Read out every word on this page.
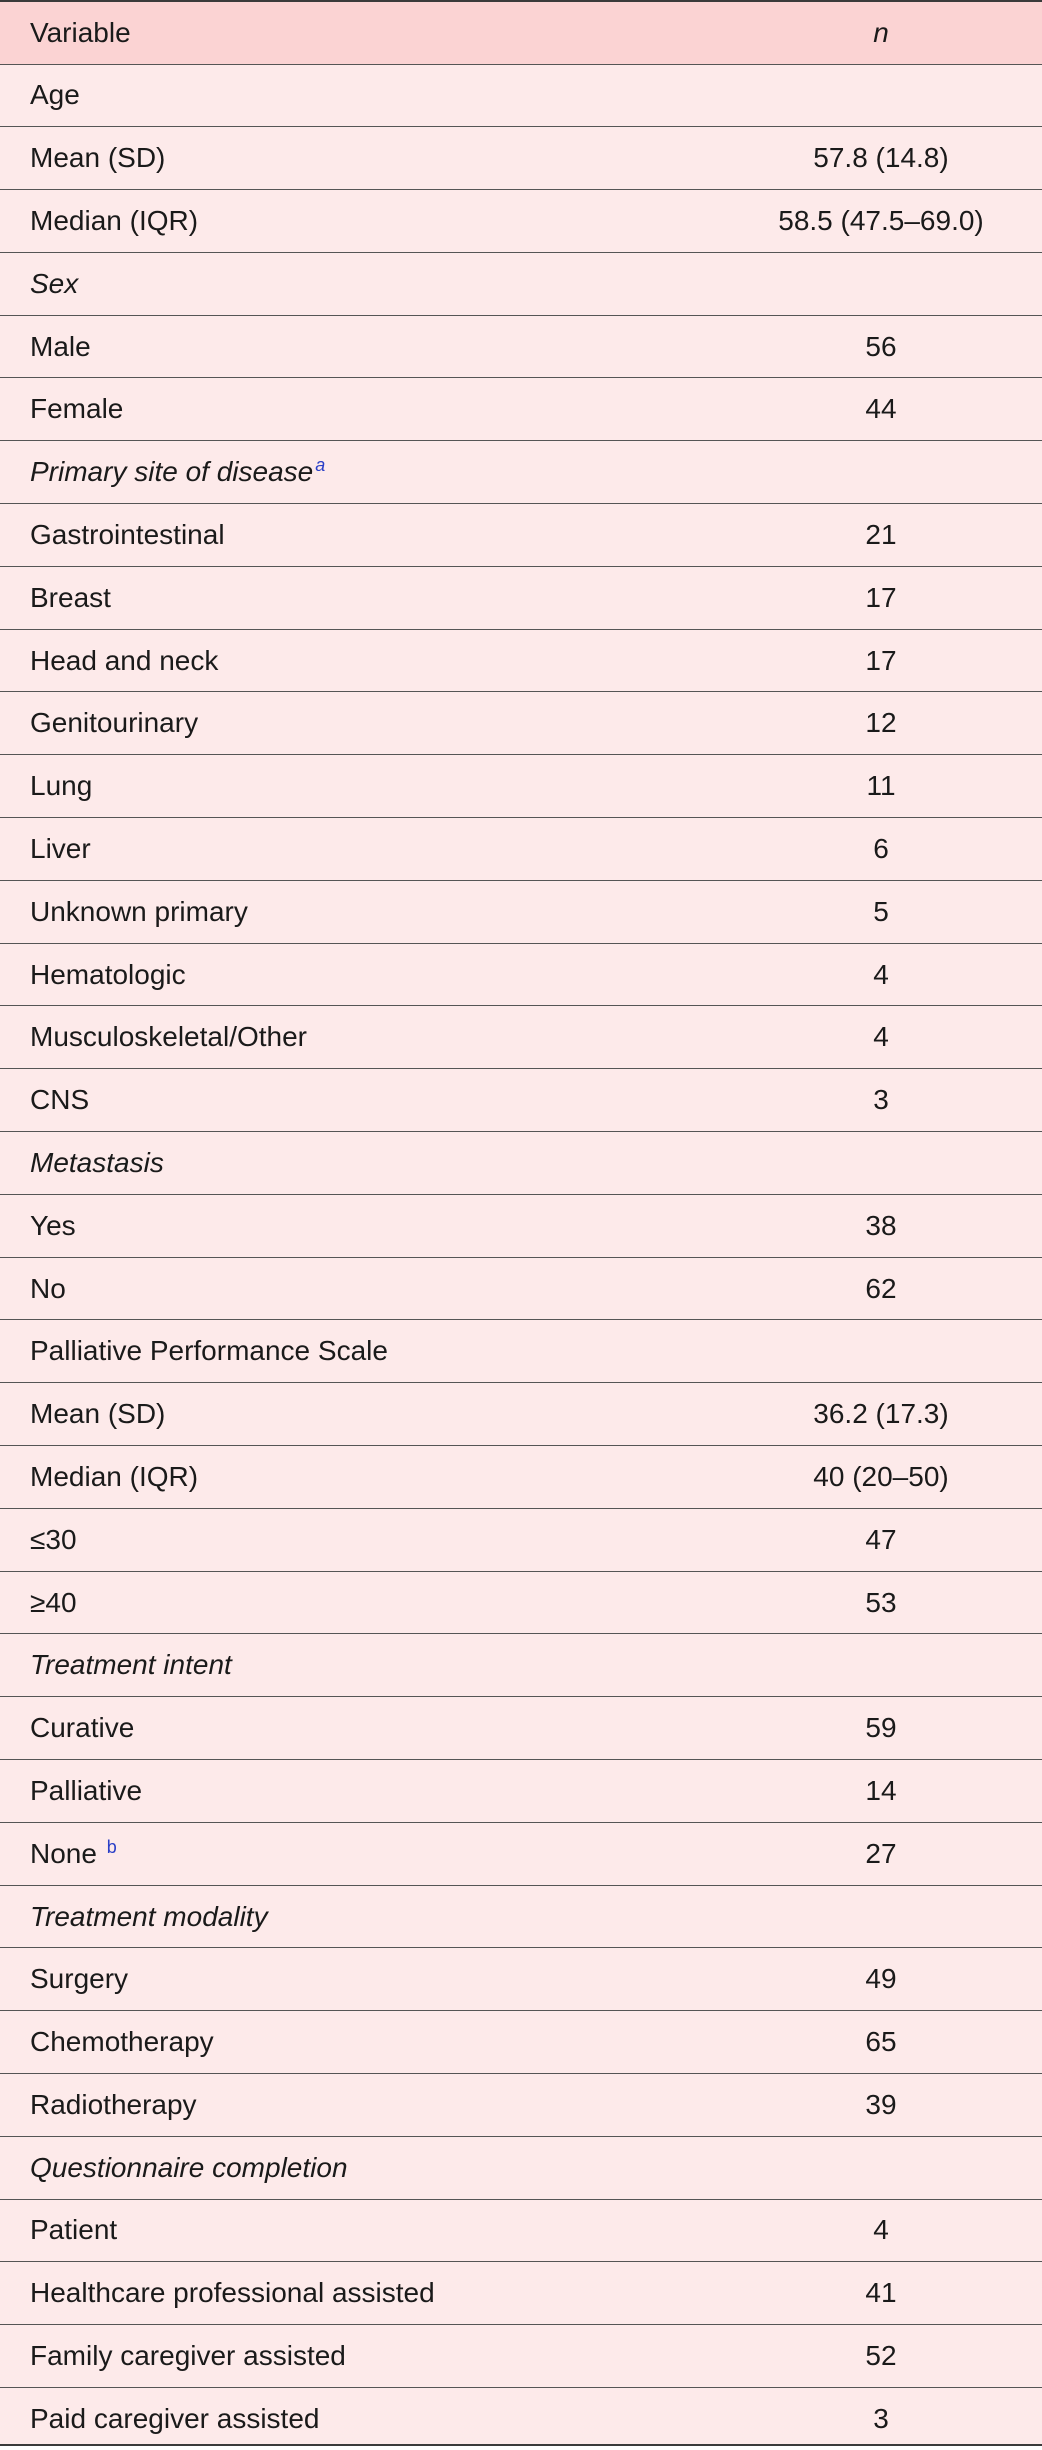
Variable	n
Age	
Mean (SD)	57.8 (14.8)
Median (IQR)	58.5 (47.5–69.0)
Sex	
Male	56
Female	44
Primary site of disease $^a$	
Gastrointestinal	21
Breast	17
Head and neck	17
Genitourinary	12
Lung	11
Liver	6
Unknown primary	5
Hematologic	4
Musculoskeletal/Other	4
CNS	3
Metastasis	
Yes	38
No	62
Palliative Performance Scale	
Mean (SD)	36.2 (17.3)
Median (IQR)	40 (20–50)
≤30	47
≥40	53
Treatment intent	
Curative	59
Palliative	14
None $^b$	27
Treatment modality	
Surgery	49
Chemotherapy	65
Radiotherapy	39
Questionnaire completion	
Patient	4
Healthcare professional assisted	41
Family caregiver assisted	52
Paid caregiver assisted	3
